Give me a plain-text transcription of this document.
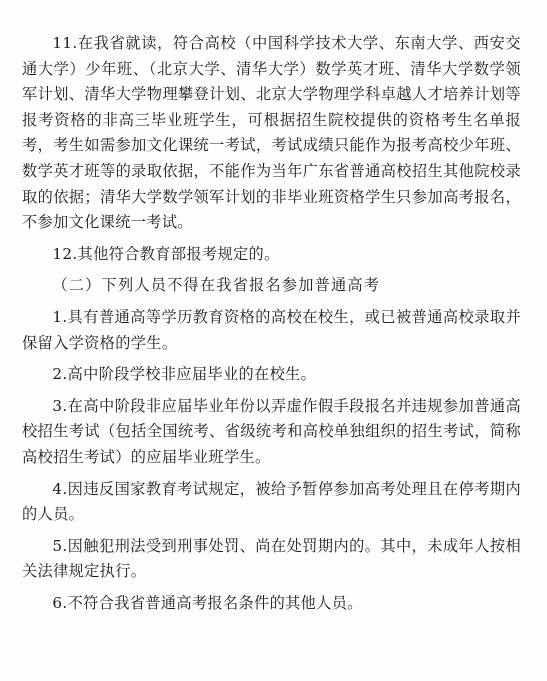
11.在我省就读，符合高校（中国科学技术大学、东南大学、西安交通大学）少年班、（北京大学、清华大学）数学英才班、清华大学数学领军计划、清华大学物理攀登计划、北京大学物理学科卓越人才培养计划等报考资格的非高三毕业班学生，可根据招生院校提供的资格考生名单报考，考生如需参加文化课统一考试，考试成绩只能作为报考高校少年班、数学英才班等的录取依据，不能作为当年广东省普通高校招生其他院校录取的依据；清华大学数学领军计划的非毕业班资格学生只参加高考报名，不参加文化课统一考试。

12.其他符合教育部报考规定的。

（二）下列人员不得在我省报名参加普通高考

1.具有普通高等学历教育资格的高校在校生，或已被普通高校录取并保留入学资格的学生。

2.高中阶段学校非应届毕业的在校生。

3.在高中阶段非应届毕业年份以弄虚作假手段报名并违规参加普通高校招生考试（包括全国统考、省级统考和高校单独组织的招生考试，简称高校招生考试）的应届毕业班学生。

4.因违反国家教育考试规定，被给予暂停参加高考处理且在停考期内的人员。

5.因触犯刑法受到刑事处罚、尚在处罚期内的。其中，未成年人按相关法律规定执行。

6.不符合我省普通高考报名条件的其他人员。
